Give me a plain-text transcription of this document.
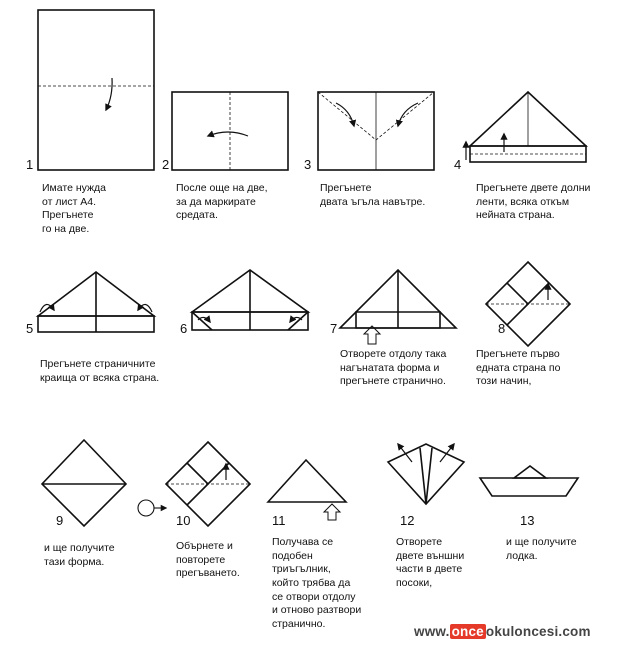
1	2	3	4
5	6	7	8
9	10	11	12	13
Имате нужда
от лист А4.
Прегънете
го на две.
После още на две,
за да маркирате
средата.
Прегънете
двата ъгъла навътре.
Прегънете двете долни
ленти, всяка откъм
нейната страна.
Прегънете страничните
краища от всяка страна.
Отворете отдолу така
нагънатата форма и
прегънете странично.
Прегънете първо
едната страна по
този начин,
и ще получите
тази форма.
Обърнете и
повторете
прегъването.
Получава се
подобен
триъгълник,
който трябва да
се отвори отдолу
и отново разтвори
странично.
Отворете
двете външни
части в двете
посоки,
и ще получите
лодка.
www. once okuloncesi.com
